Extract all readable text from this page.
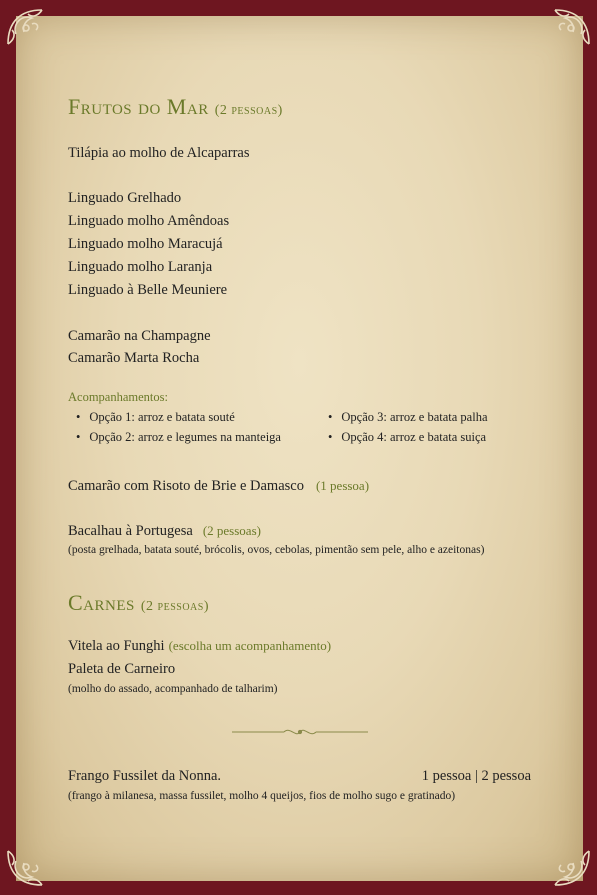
Frutos do Mar (2 pessoas)
Tilápia ao molho de Alcaparras
Linguado Grelhado
Linguado molho Amêndoas
Linguado molho Maracujá
Linguado molho Laranja
Linguado à Belle Meuniere
Camarão na Champagne
Camarão Marta Rocha
Acompanhamentos:
• Opção 1: arroz e batata souté
• Opção 2: arroz e legumes na manteiga
• Opção 3: arroz e batata palha
• Opção 4: arroz e batata suiça
Camarão com Risoto de Brie e Damasco (1 pessoa)
Bacalhau à Portugesa (2 pessoas)
(posta grelhada, batata souté, brócolis, ovos, cebolas, pimentão sem pele, alho e azeitonas)
Carnes (2 pessoas)
Vitela ao Funghi (escolha um acompanhamento)
Paleta de Carneiro
(molho do assado, acompanhado de talharim)
Frango Fussilet da Nonna.	1 pessoa | 2 pessoa
(frango à milanesa, massa fussilet, molho 4 queijos, fios de molho sugo e gratinado)
